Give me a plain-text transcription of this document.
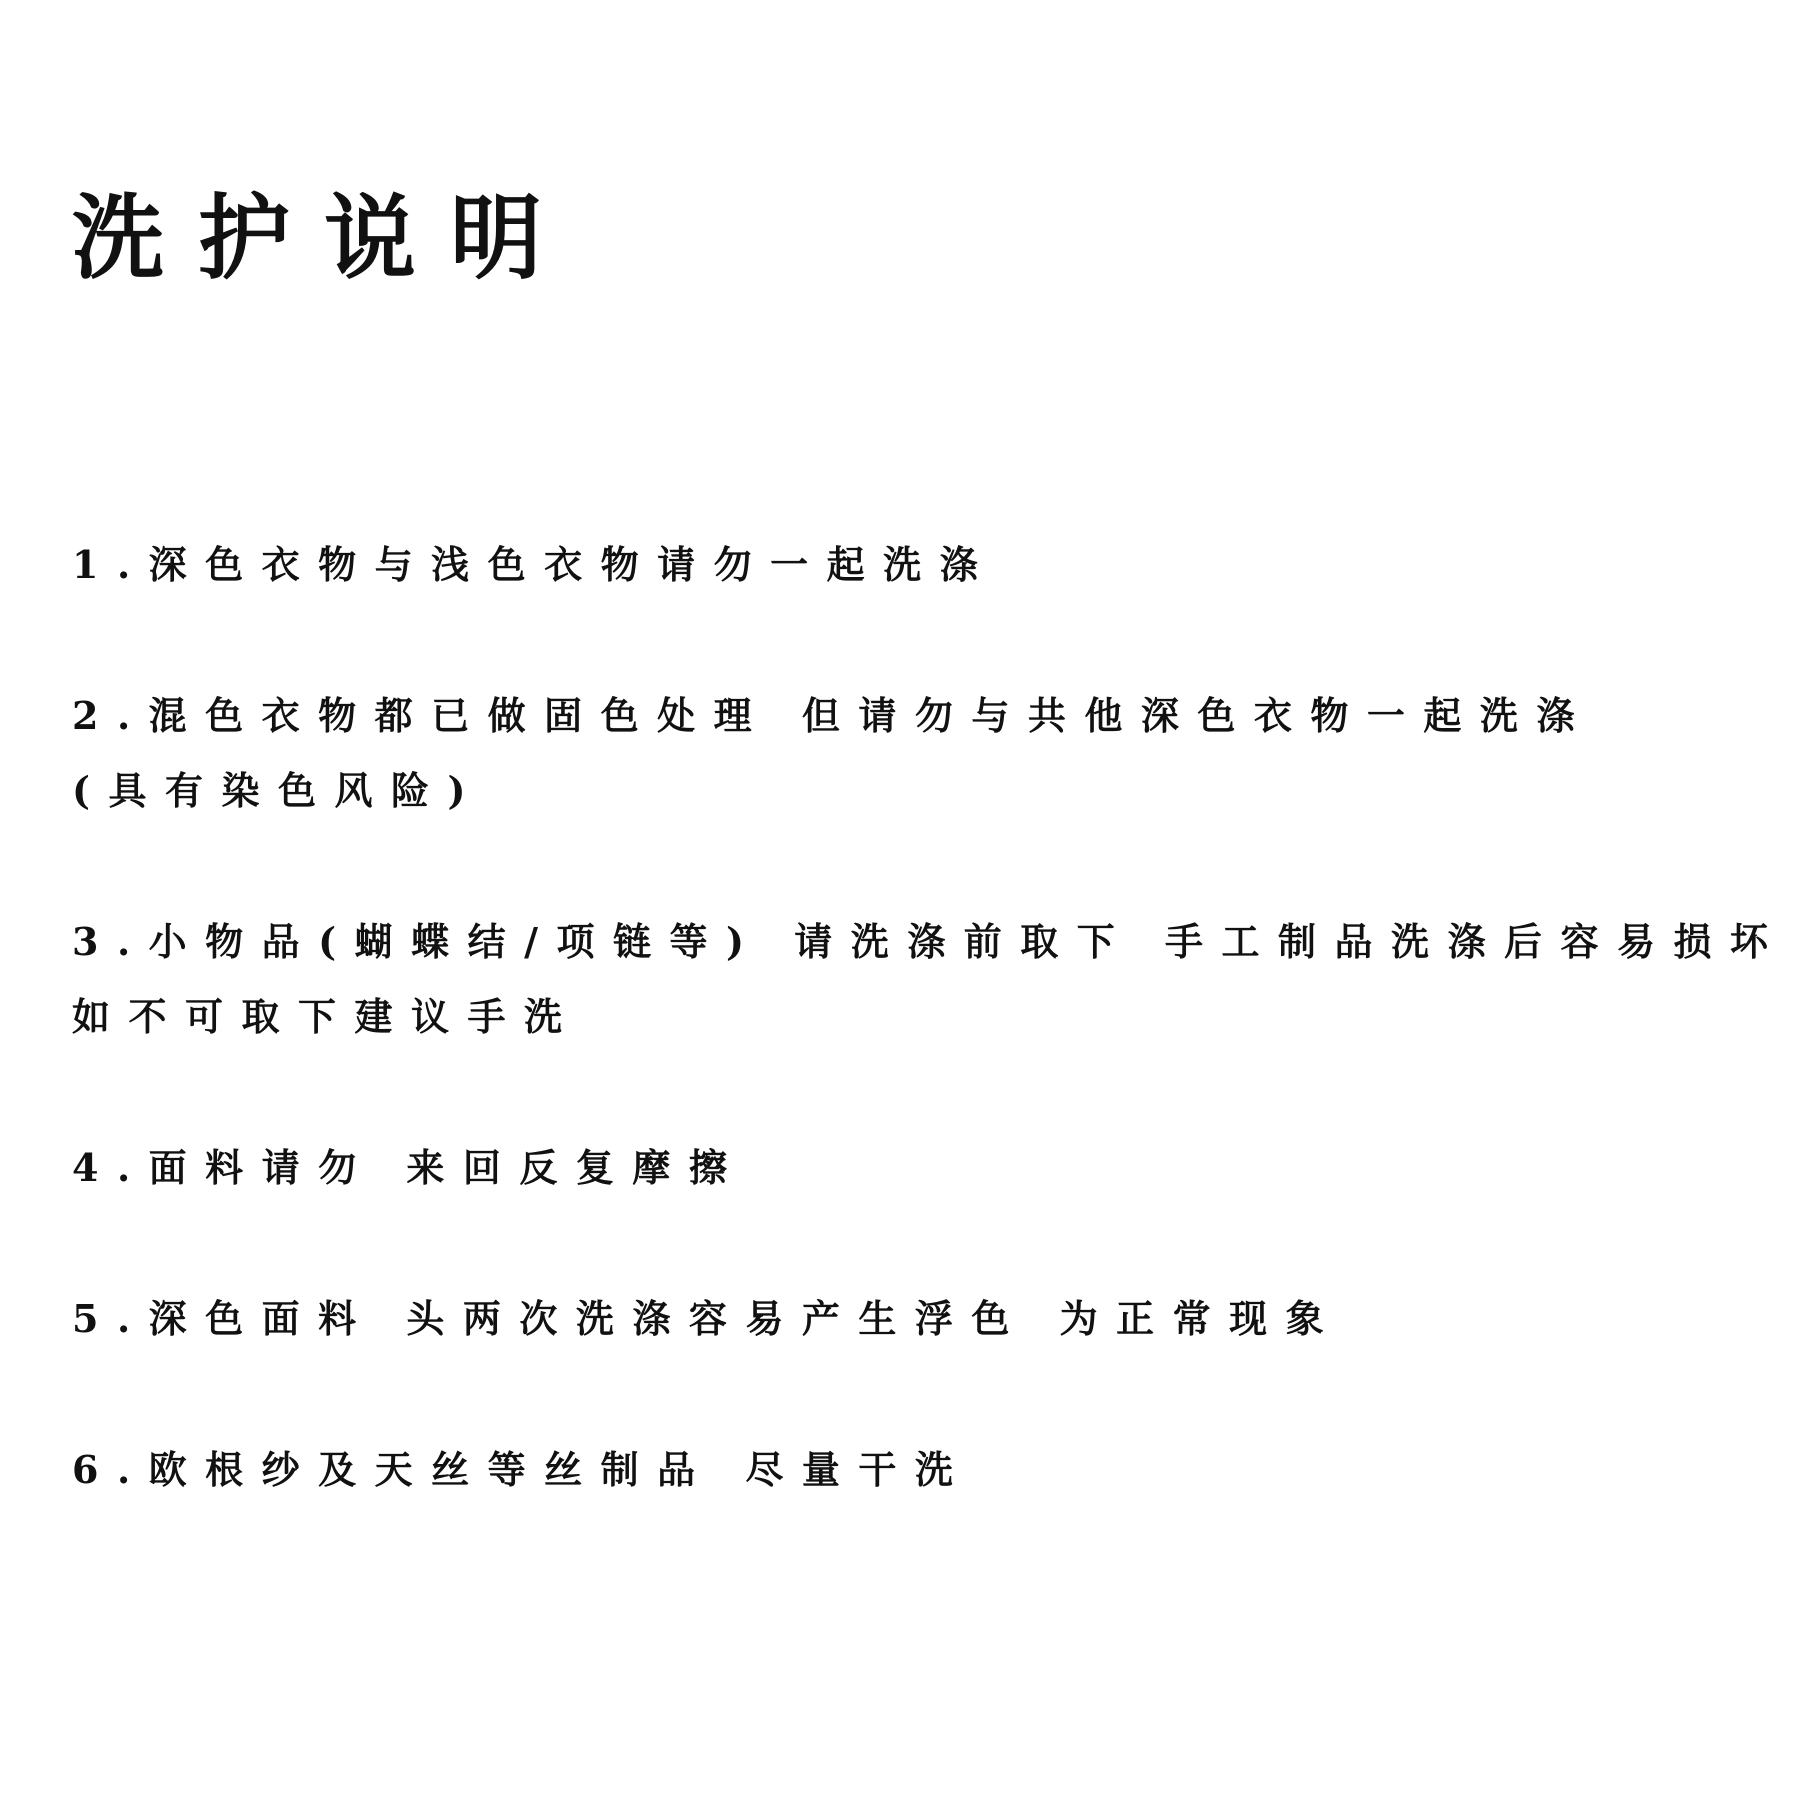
洗护说明
1.深色衣物与浅色衣物请勿一起洗涤
2.混色衣物都已做固色处理 但请勿与共他深色衣物一起洗涤
(具有染色风险)
3.小物品(蝴蝶结/项链等) 请洗涤前取下 手工制品洗涤后容易损坏
如不可取下建议手洗
4.面料请勿 来回反复摩擦
5.深色面料 头两次洗涤容易产生浮色 为正常现象
6.欧根纱及天丝等丝制品 尽量干洗
